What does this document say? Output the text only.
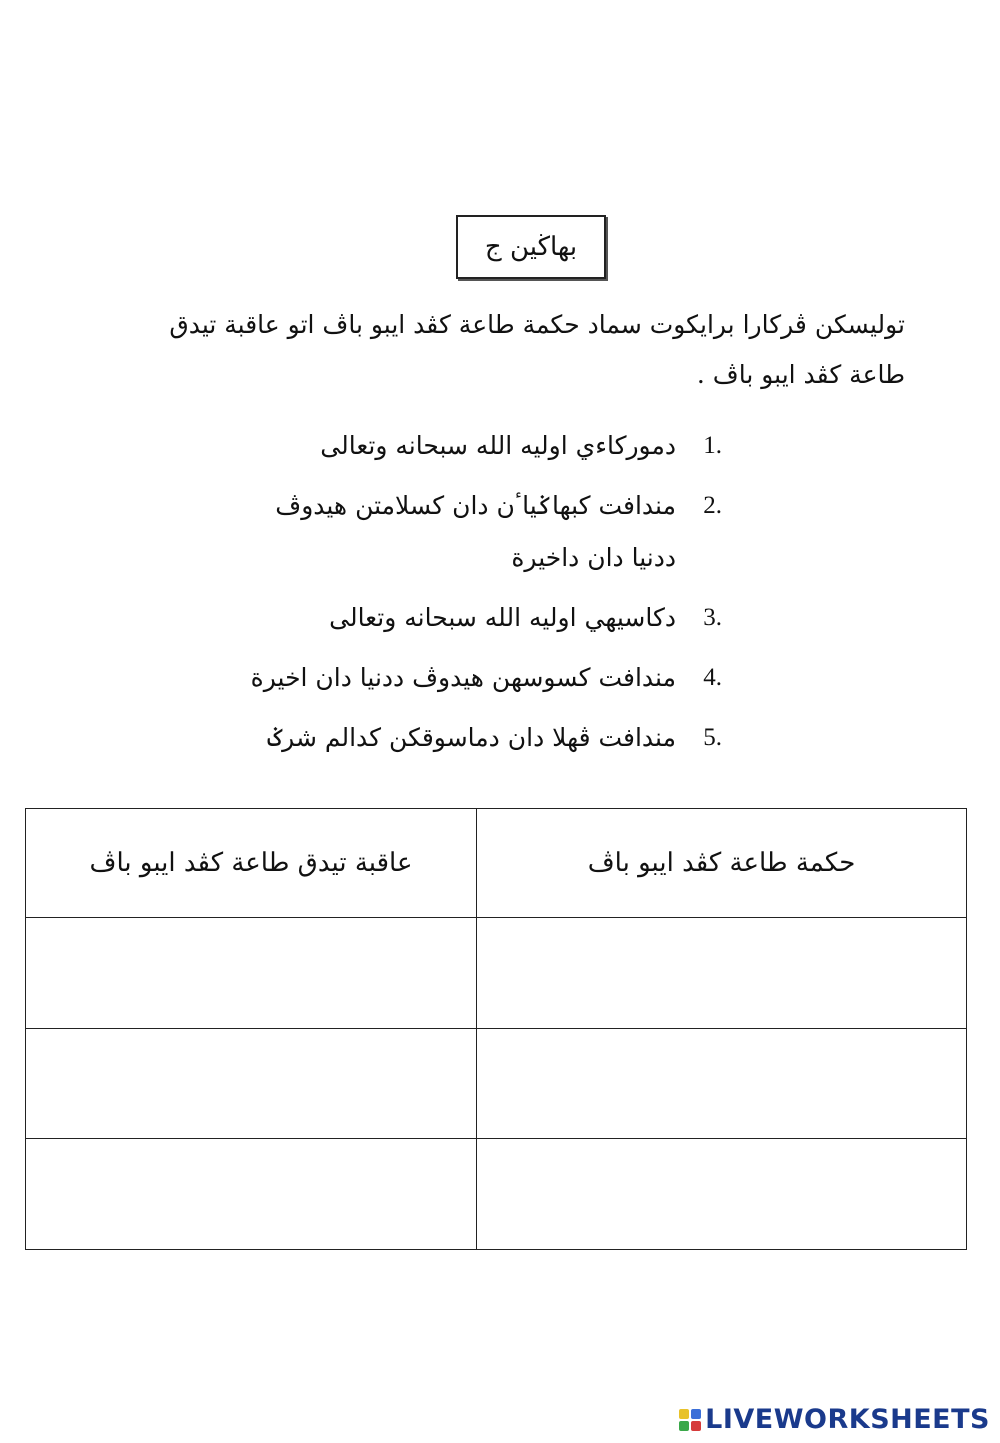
بهاڬين ج
توليسکن ڤرکارا برايکوت سماد حکمة طاعة کڤد ايبو باڤ اتو عاقبة تيدق طاعة کڤد ايبو باڤ .
1.
دمورکاءي اوليه الله سبحانه وتعالى
2.
مندافت کبهاݢياٴن دان کسلامتن هيدوڤ ددنيا دان داخيرة
3.
دکاسيهي اوليه الله سبحانه وتعالى
4.
مندافت کسوسهن هيدوڤ ددنيا دان اخيرة
5.
مندافت ڤهلا دان دماسوقکن کدالم شرݢ
حکمة طاعة کڤد ايبو باڤ	عاقبة تيدق طاعة کڤد ايبو باڤ

LIVEWORKSHEETS
